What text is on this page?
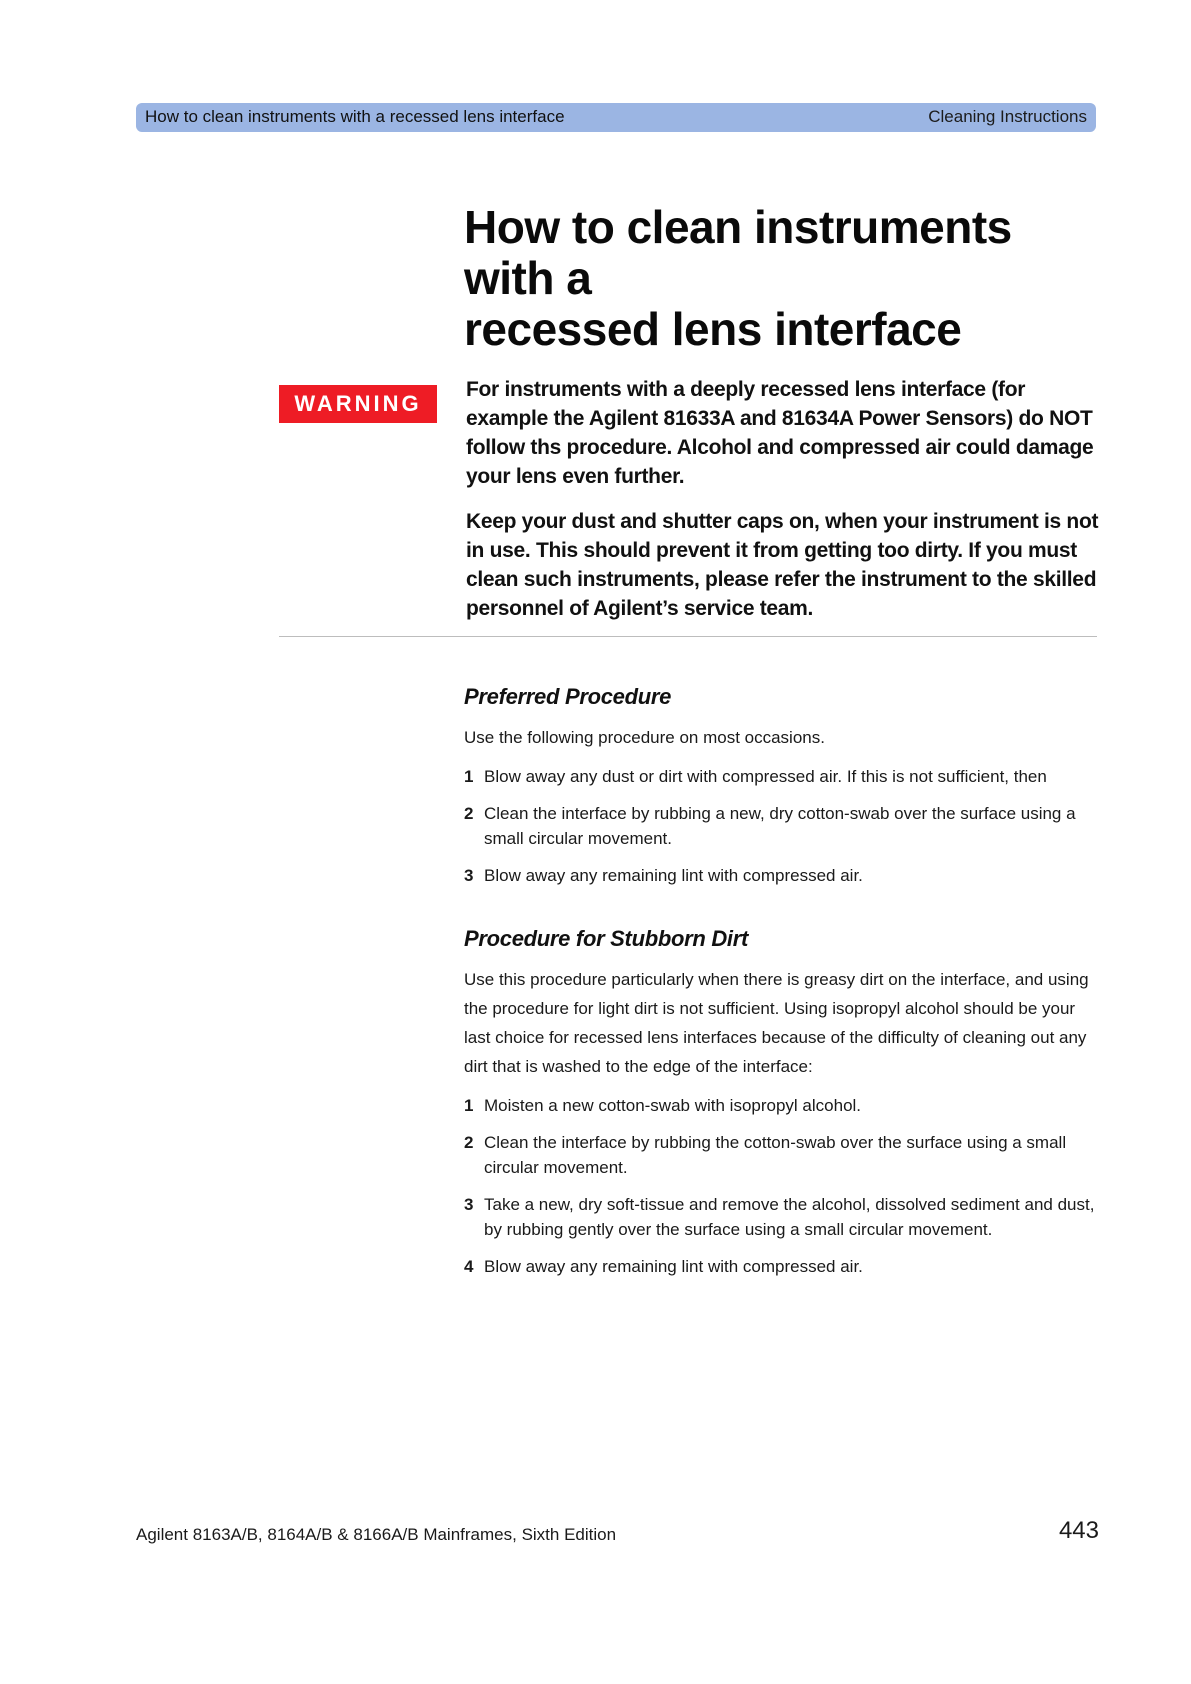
How to clean instruments with a recessed lens interface	Cleaning Instructions
How to clean instruments with a
recessed lens interface
WARNING

For instruments with a deeply recessed lens interface (for example the Agilent 81633A and 81634A Power Sensors) do NOT follow ths procedure. Alcohol and compressed air could damage your lens even further.

Keep your dust and shutter caps on, when your instrument is not in use. This should prevent it from getting too dirty. If you must clean such instruments, please refer the instrument to the skilled personnel of Agilent’s service team.

Preferred Procedure

Use the following procedure on most occasions.

1 Blow away any dust or dirt with compressed air. If this is not sufficient, then
2 Clean the interface by rubbing a new, dry cotton-swab over the surface using a small circular movement.
3 Blow away any remaining lint with compressed air.
Procedure for Stubborn Dirt

Use this procedure particularly when there is greasy dirt on the interface, and using the procedure for light dirt is not sufficient. Using isopropyl alcohol should be your last choice for recessed lens interfaces because of the difficulty of cleaning out any dirt that is washed to the edge of the interface:

1 Moisten a new cotton-swab with isopropyl alcohol.
2 Clean the interface by rubbing the cotton-swab over the surface using a small circular movement.
3 Take a new, dry soft-tissue and remove the alcohol, dissolved sediment and dust, by rubbing gently over the surface using a small circular movement.
4 Blow away any remaining lint with compressed air.
Agilent 8163A/B, 8164A/B & 8166A/B Mainframes, Sixth Edition	443
